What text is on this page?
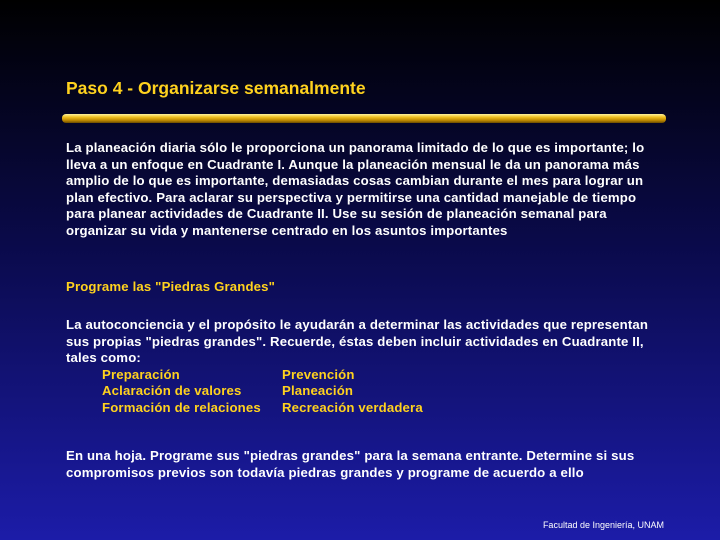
Paso 4 - Organizarse semanalmente
La planeación diaria sólo le proporciona un panorama limitado de lo que es importante; lo lleva a un enfoque en Cuadrante I. Aunque la planeación mensual le da un panorama más amplio de lo que es importante, demasiadas cosas cambian durante el mes para lograr un plan efectivo. Para aclarar su perspectiva y permitirse una cantidad manejable de tiempo para planear actividades de Cuadrante II. Use su sesión de planeación semanal para organizar su vida y mantenerse centrado en los asuntos importantes
Programe las "Piedras Grandes"
La autoconciencia y el propósito le ayudarán a determinar las actividades que representan sus propias "piedras grandes". Recuerde, éstas deben incluir actividades en Cuadrante II, tales como:
Preparación	Prevención
Aclaración de valores	Planeación
Formación de relaciones	Recreación verdadera
En una hoja. Programe sus "piedras grandes" para la semana entrante. Determine si sus compromisos previos son todavía piedras grandes y programe de acuerdo a ello
Facultad de Ingeniería, UNAM
